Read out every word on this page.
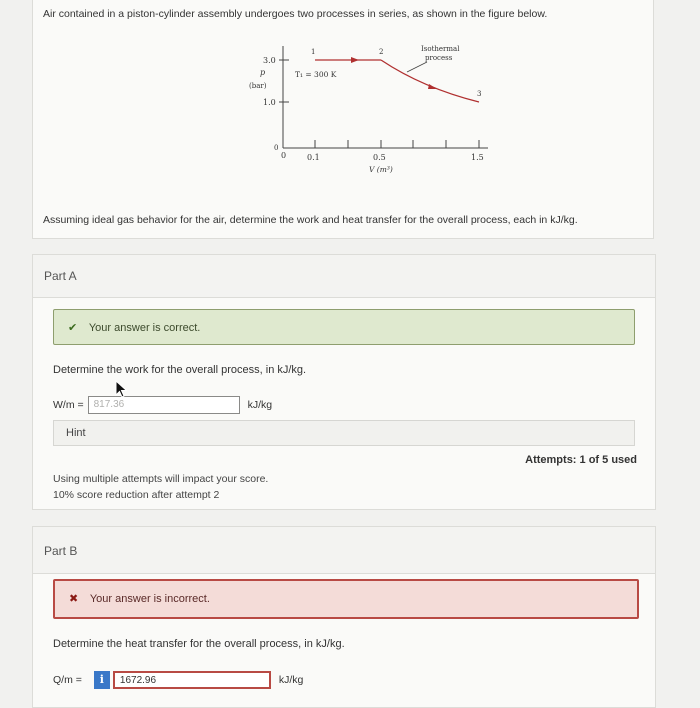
Air contained in a piston-cylinder assembly undergoes two processes in series, as shown in the figure below.
3.0
1.0
p
(bar)
0
0	0.1	0.5	1.5
V (m³)
T₁ = 300 K
Isothermal
process
1	2
3
Assuming ideal gas behavior for the air, determine the work and heat transfer for the overall process, each in kJ/kg.
Part A
✔ Your answer is correct.
Determine the work for the overall process, in kJ/kg.
W/m =	817.36	kJ/kg
Hint
Attempts: 1 of 5 used
Using multiple attempts will impact your score.
10% score reduction after attempt 2
Part B
✖ Your answer is incorrect.
Determine the heat transfer for the overall process, in kJ/kg.
Q/m =	i	1672.96	kJ/kg
